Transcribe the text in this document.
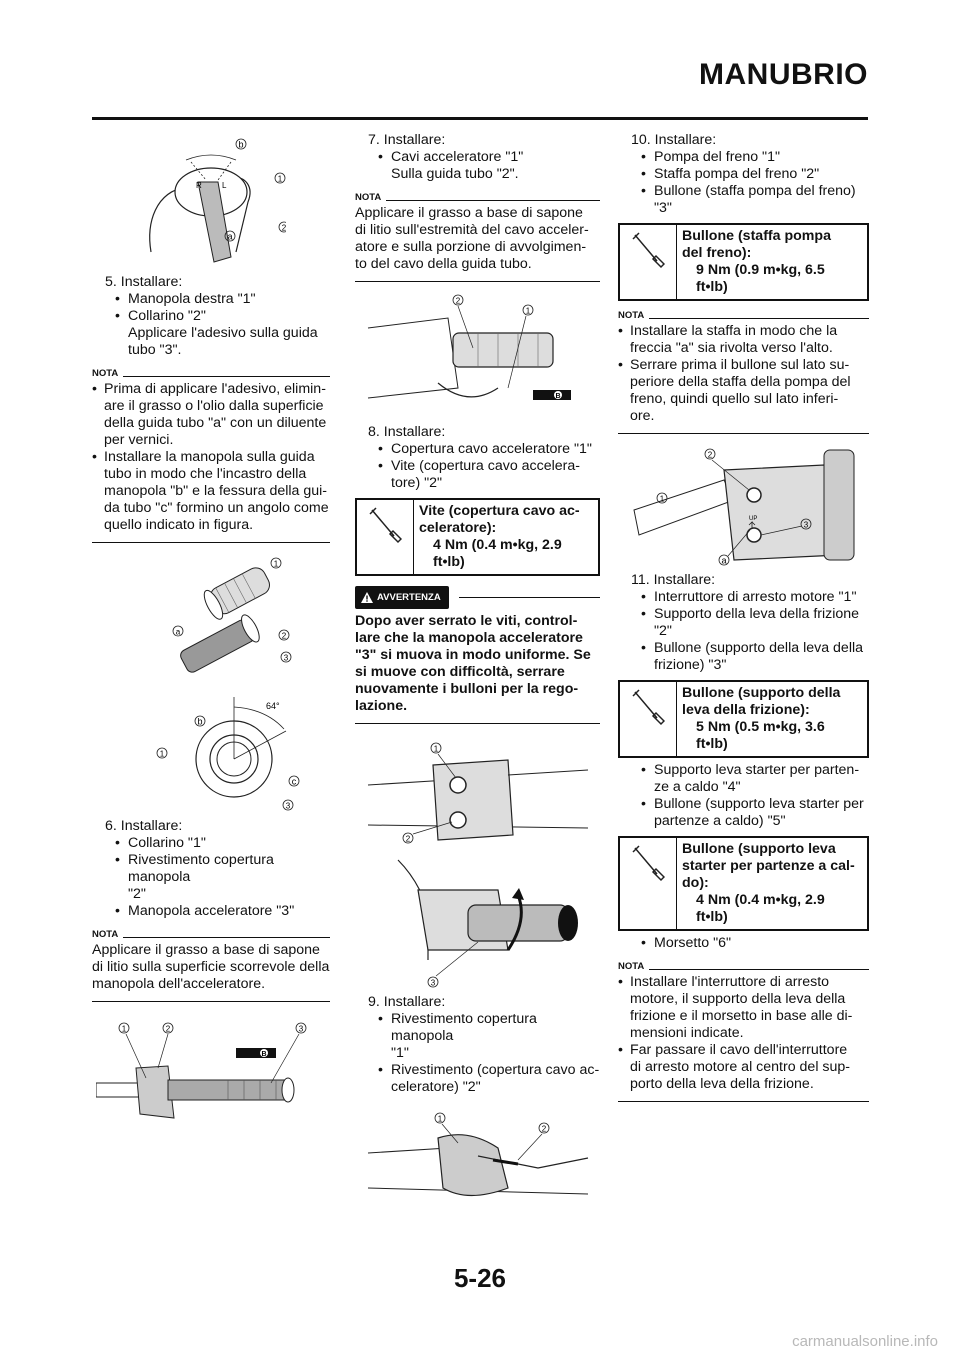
MANUBRIO
b
1
2
a
R	L

5. Installare:

• Manopola destra "1"

• Collarino "2"

Applicare l'adesivo sulla guida

tubo "3".

NOTA
• Prima di applicare l'adesivo, elimin-
are il grasso o l'olio dalla superficie
della guida tubo "a" con un diluente
per vernici.
• Installare la manopola sulla guida
tubo in modo che l'incastro della
manopola "b" e la fessura della gui-
da tubo "c" formino un angolo come
quello indicato in figura.
1
2
3
a
64°
b
1
c
3

6. Installare:

• Collarino "1"
• Rivestimento copertura manopola
"2"
• Manopola acceleratore "3"
NOTA
Applicare il grasso a base di sapone
di litio sulla superficie scorrevole della
manopola dell'acceleratore.
B
1	2	3

7. Installare:

• Cavi acceleratore "1"

Sulla guida tubo "2".

NOTA
Applicare il grasso a base di sapone
di litio sull'estremità del cavo acceler-
atore e sulla porzione di avvolgimen-
to del cavo della guida tubo.
B
2
1

8. Installare:

• Copertura cavo acceleratore "1"
• Vite (copertura cavo accelera-
tore) "2"
Vite (copertura cavo ac-
celeratore):
4 Nm (0.4 m•kg, 2.9
ft•lb)
AVVERTENZA
Dopo aver serrato le viti, control-
lare che la manopola acceleratore
"3" si muova in modo uniforme. Se
si muove con difficoltà, serrare
nuovamente i bulloni per la rego-
lazione.
1
2
3

9. Installare:

• Rivestimento copertura manopola
"1"
• Rivestimento (copertura cavo ac-
celeratore) "2"
1
2

10. Installare:

• Pompa del freno "1"
• Staffa pompa del freno "2"
• Bullone (staffa pompa del freno)
"3"
Bullone (staffa pompa
del freno):
9 Nm (0.9 m•kg, 6.5
ft•lb)
NOTA
• Installare la staffa in modo che la
freccia "a" sia rivolta verso l'alto.
• Serrare prima il bullone sul lato su-
periore della staffa della pompa del
freno, quindi quello sul lato inferi-
ore.
UP
2
1
3
a

11. Installare:

• Interruttore di arresto motore "1"
• Supporto della leva della frizione
"2"
• Bullone (supporto della leva della
frizione) "3"
Bullone (supporto della
leva della frizione):
5 Nm (0.5 m•kg, 3.6
ft•lb)
• Supporto leva starter per parten-
ze a caldo "4"
• Bullone (supporto leva starter per
partenze a caldo) "5"
Bullone (supporto leva
starter per partenze a cal-
do):
4 Nm (0.4 m•kg, 2.9
ft•lb)
• Morsetto "6"
NOTA
• Installare l'interruttore di arresto
motore, il supporto della leva della
frizione e il morsetto in base alle di-
mensioni indicate.
• Far passare il cavo dell'interruttore
di arresto motore al centro del sup-
porto della leva della frizione.
5-26
carmanualsonline.info
